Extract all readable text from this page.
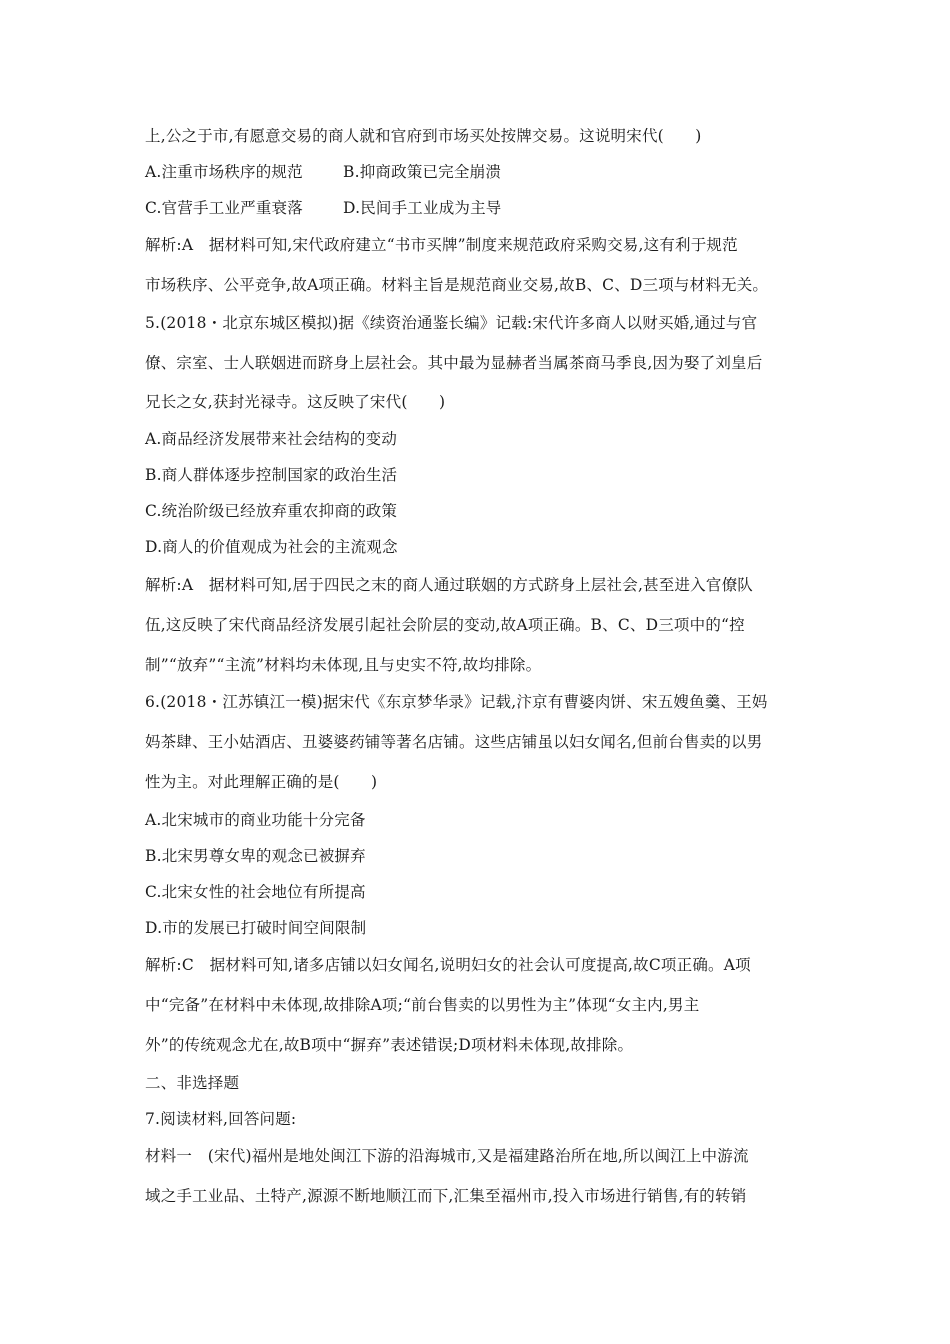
上,公之于市,有愿意交易的商人就和官府到市场买处按牌交易。这说明宋代(　　)
A.注重市场秩序的规范	B.抑商政策已完全崩溃
C.官营手工业严重衰落	D.民间手工业成为主导
解析:A　据材料可知,宋代政府建立“书市买牌”制度来规范政府采购交易,这有利于规范
市场秩序、公平竞争,故A项正确。材料主旨是规范商业交易,故B、C、D三项与材料无关。
5.(2018・北京东城区模拟)据《续资治通鉴长编》记载:宋代许多商人以财买婚,通过与官
僚、宗室、士人联姻进而跻身上层社会。其中最为显赫者当属茶商马季良,因为娶了刘皇后
兄长之女,获封光禄寺。这反映了宋代(　　)
A.商品经济发展带来社会结构的变动
B.商人群体逐步控制国家的政治生活
C.统治阶级已经放弃重农抑商的政策
D.商人的价值观成为社会的主流观念
解析:A　据材料可知,居于四民之末的商人通过联姻的方式跻身上层社会,甚至进入官僚队
伍,这反映了宋代商品经济发展引起社会阶层的变动,故A项正确。B、C、D三项中的“控
制”“放弃”“主流”材料均未体现,且与史实不符,故均排除。
6.(2018・江苏镇江一模)据宋代《东京梦华录》记载,汴京有曹婆肉饼、宋五嫂鱼羹、王妈
妈茶肆、王小姑酒店、丑婆婆药铺等著名店铺。这些店铺虽以妇女闻名,但前台售卖的以男
性为主。对此理解正确的是(　　)
A.北宋城市的商业功能十分完备
B.北宋男尊女卑的观念已被摒弃
C.北宋女性的社会地位有所提高
D.市的发展已打破时间空间限制
解析:C　据材料可知,诸多店铺以妇女闻名,说明妇女的社会认可度提高,故C项正确。A项
中“完备”在材料中未体现,故排除A项;“前台售卖的以男性为主”体现“女主内,男主
外”的传统观念尤在,故B项中“摒弃”表述错误;D项材料未体现,故排除。
二、非选择题
7.阅读材料,回答问题:
材料一　(宋代)福州是地处闽江下游的沿海城市,又是福建路治所在地,所以闽江上中游流
域之手工业品、土特产,源源不断地顺江而下,汇集至福州市,投入市场进行销售,有的转销
